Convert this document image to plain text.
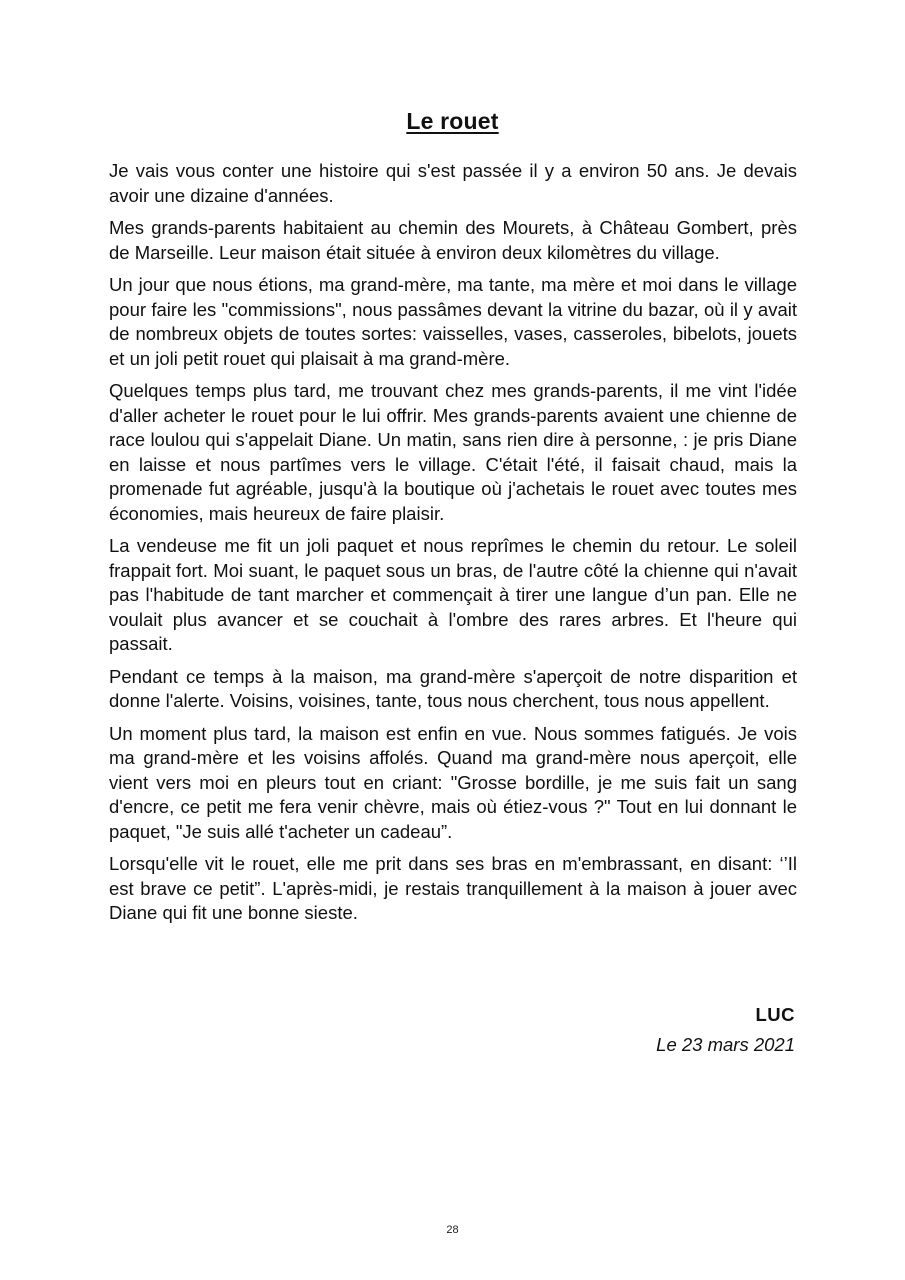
Le rouet

Je vais vous conter une histoire qui s'est passée il y a environ 50 ans. Je devais avoir une dizaine d'années.

Mes grands-parents habitaient au chemin des Mourets, à Château Gombert, près de Marseille. Leur maison était située à environ deux kilomètres du village.

Un jour que nous étions, ma grand-mère, ma tante, ma mère et moi dans le village pour faire les "commissions", nous passâmes devant la vitrine du bazar, où il y avait de nombreux objets de toutes sortes: vaisselles, vases, casseroles, bibelots, jouets et un joli petit rouet qui plaisait à ma grand-mère.

Quelques temps plus tard, me trouvant chez mes grands-parents, il me vint l'idée d'aller acheter le rouet pour le lui offrir. Mes grands-parents avaient une chienne de race loulou qui s'appelait Diane. Un matin, sans rien dire à personne, : je pris Diane en laisse et nous partîmes vers le village. C'était l'été, il faisait chaud, mais la promenade fut agréable, jusqu'à la boutique où j'achetais le rouet avec toutes mes économies, mais heureux de faire plaisir.

La vendeuse me fit un joli paquet et nous reprîmes le chemin du retour. Le soleil frappait fort. Moi suant, le paquet sous un bras, de l'autre côté la chienne qui n'avait pas l'habitude de tant marcher et commençait à tirer une langue d’un pan. Elle ne voulait plus avancer et se couchait à l'ombre des rares arbres. Et l'heure qui passait.

Pendant ce temps à la maison, ma grand-mère s'aperçoit de notre disparition et donne l'alerte. Voisins, voisines, tante, tous nous cherchent, tous nous appellent.

Un moment plus tard, la maison est enfin en vue. Nous sommes fatigués. Je vois ma grand-mère et les voisins affolés. Quand ma grand-mère nous aperçoit, elle vient vers moi en pleurs tout en criant: "Grosse bordille, je me suis fait un sang d'encre, ce petit me fera venir chèvre, mais où étiez-vous ?" Tout en lui donnant le paquet, "Je suis allé t'acheter un cadeau”.

Lorsqu'elle vit le rouet, elle me prit dans ses bras en m'embrassant, en disant: ‘’Il est brave ce petit”. L'après-midi, je restais tranquillement à la maison à jouer avec Diane qui fit une bonne sieste.

LUC
Le 23 mars 2021
28
